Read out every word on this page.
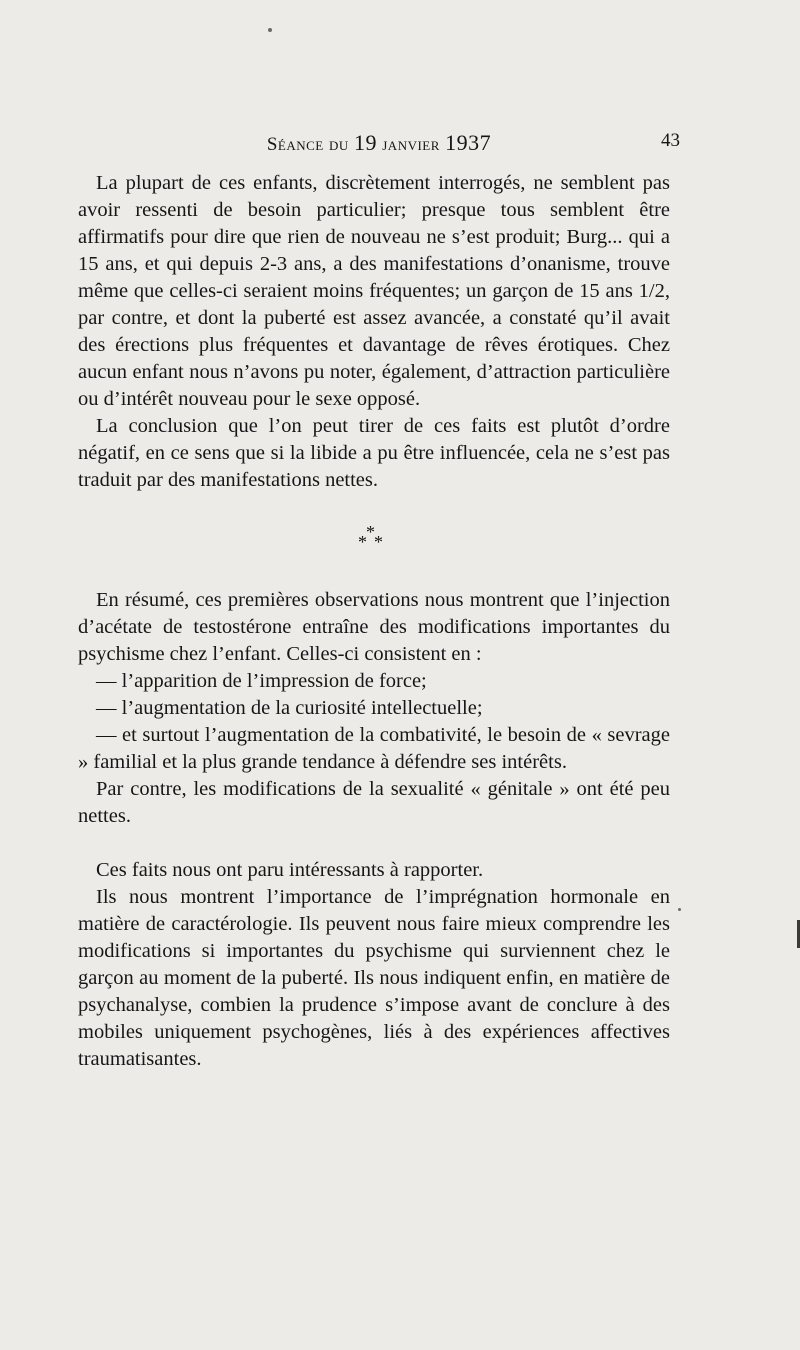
Séance du 19 janvier 1937	43

La plupart de ces enfants, discrètement interrogés, ne semblent pas avoir ressenti de besoin particulier; presque tous semblent être affirmatifs pour dire que rien de nouveau ne s’est produit; Burg... qui a 15 ans, et qui depuis 2-3 ans, a des manifestations d’onanisme, trouve même que celles-ci seraient moins fréquentes; un garçon de 15 ans 1/2, par contre, et dont la puberté est assez avancée, a constaté qu’il avait des érections plus fréquentes et davantage de rêves érotiques. Chez aucun enfant nous n’avons pu noter, également, d’attraction particulière ou d’intérêt nouveau pour le sexe opposé.

La conclusion que l’on peut tirer de ces faits est plutôt d’ordre négatif, en ce sens que si la libide a pu être influencée, cela ne s’est pas traduit par des manifestations nettes.

*
* *

En résumé, ces premières observations nous montrent que l’injection d’acétate de testostérone entraîne des modifications importantes du psychisme chez l’enfant. Celles-ci consistent en :

— l’apparition de l’impression de force;

— l’augmentation de la curiosité intellectuelle;

— et surtout l’augmentation de la combativité, le besoin de « sevrage » familial et la plus grande tendance à défendre ses intérêts.

Par contre, les modifications de la sexualité « génitale » ont été peu nettes.

Ces faits nous ont paru intéressants à rapporter.

Ils nous montrent l’importance de l’imprégnation hormonale en matière de caractérologie. Ils peuvent nous faire mieux comprendre les modifications si importantes du psychisme qui surviennent chez le garçon au moment de la puberté. Ils nous indiquent enfin, en matière de psychanalyse, combien la prudence s’impose avant de conclure à des mobiles uniquement psychogènes, liés à des expériences affectives traumatisantes.
